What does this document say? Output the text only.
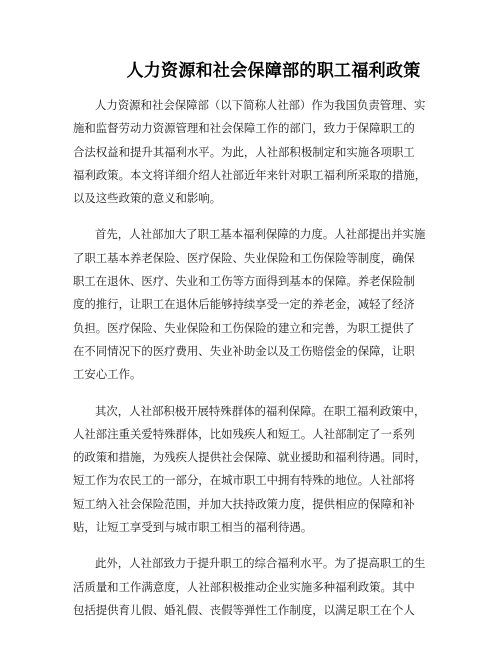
人力资源和社会保障部的职工福利政策
人力资源和社会保障部（以下简称人社部）作为我国负责管理、实
施和监督劳动力资源管理和社会保障工作的部门，致力于保障职工的
合法权益和提升其福利水平。为此，人社部积极制定和实施各项职工
福利政策。本文将详细介绍人社部近年来针对职工福利所采取的措施，
以及这些政策的意义和影响。
首先，人社部加大了职工基本福利保障的力度。人社部提出并实施
了职工基本养老保险、医疗保险、失业保险和工伤保险等制度，确保
职工在退休、医疗、失业和工伤等方面得到基本的保障。养老保险制
度的推行，让职工在退休后能够持续享受一定的养老金，减轻了经济
负担。医疗保险、失业保险和工伤保险的建立和完善，为职工提供了
在不同情况下的医疗费用、失业补助金以及工伤赔偿金的保障，让职
工安心工作。
其次，人社部积极开展特殊群体的福利保障。在职工福利政策中，
人社部注重关爱特殊群体，比如残疾人和短工。人社部制定了一系列
的政策和措施，为残疾人提供社会保障、就业援助和福利待遇。同时，
短工作为农民工的一部分，在城市职工中拥有特殊的地位。人社部将
短工纳入社会保险范围，并加大扶持政策力度，提供相应的保障和补
贴，让短工享受到与城市职工相当的福利待遇。
此外，人社部致力于提升职工的综合福利水平。为了提高职工的生
活质量和工作满意度，人社部积极推动企业实施多种福利政策。其中
包括提供育儿假、婚礼假、丧假等弹性工作制度，以满足职工在个人
